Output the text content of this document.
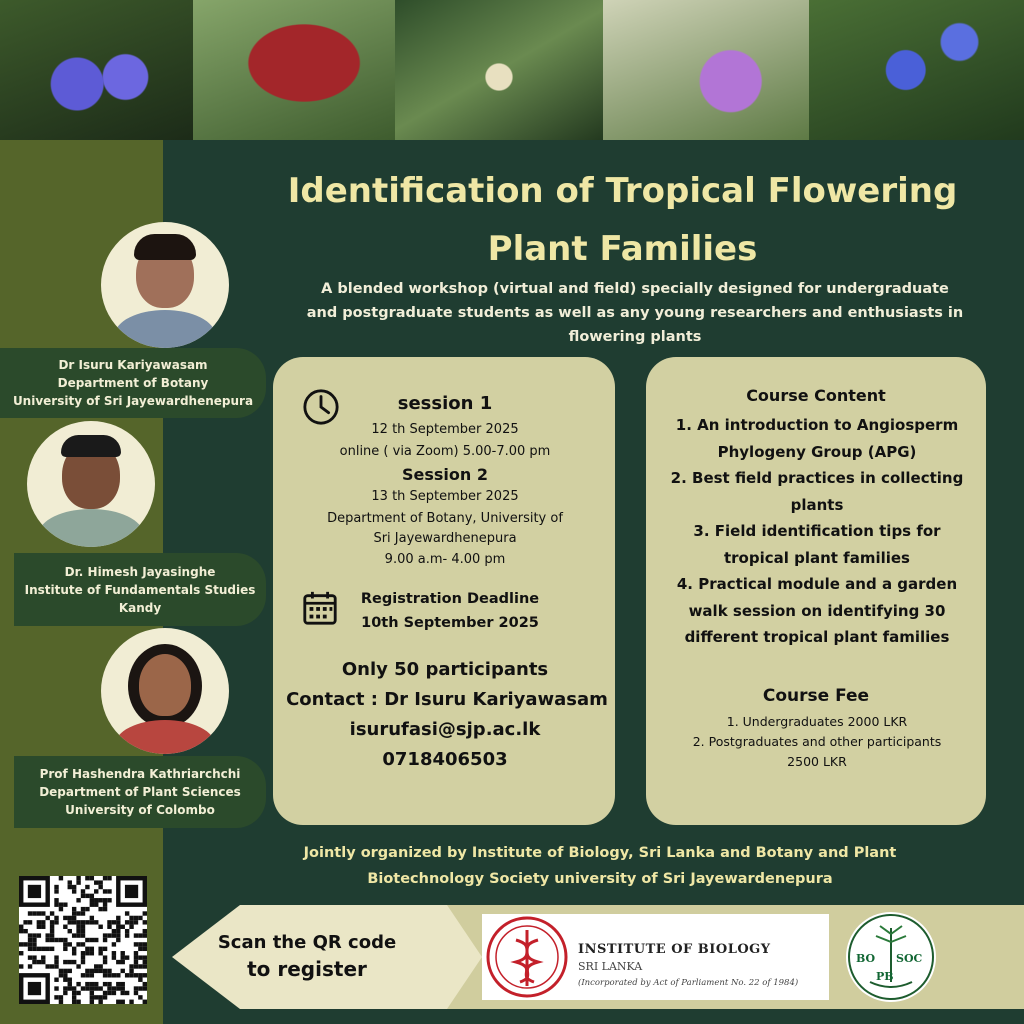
Dr Isuru Kariyawasam
Department of Botany
University of Sri Jayewardhenepura
Dr. Himesh Jayasinghe
Institute of Fundamentals Studies
Kandy
Prof Hashendra Kathriarchchi
Department of Plant Sciences
University of Colombo
Identification of Tropical Flowering
Plant Families
A blended workshop (virtual and field) specially designed for undergraduate
and postgraduate students as well as any young researchers and enthusiasts in
flowering plants
session 1
12 th September 2025
online ( via Zoom) 5.00-7.00 pm
Session 2
13 th September 2025
Department of Botany, University of
Sri Jayewardhenepura
9.00 a.m- 4.00 pm
Registration Deadline
10th September 2025
Only 50 participants
Contact : Dr Isuru Kariyawasam
isurufasi@sjp.ac.lk
0718406503
Course Content
1. An introduction to Angiosperm
Phylogeny Group (APG)
2. Best field practices in collecting
plants
3. Field identification tips for
tropical plant families
4. Practical module and a garden
walk session on identifying 30
different tropical plant families
Course Fee
1. Undergraduates 2000 LKR
2. Postgraduates and other participants
2500 LKR
Jointly organized by Institute of Biology, Sri Lanka and Botany and Plant
Biotechnology Society university of Sri Jayewardenepura
Scan the QR code
to register
INSTITUTE OF BIOLOGY
SRI LANKA
(Incorporated by Act of Parliament No. 22 of 1984)
BO
PB
SOC
